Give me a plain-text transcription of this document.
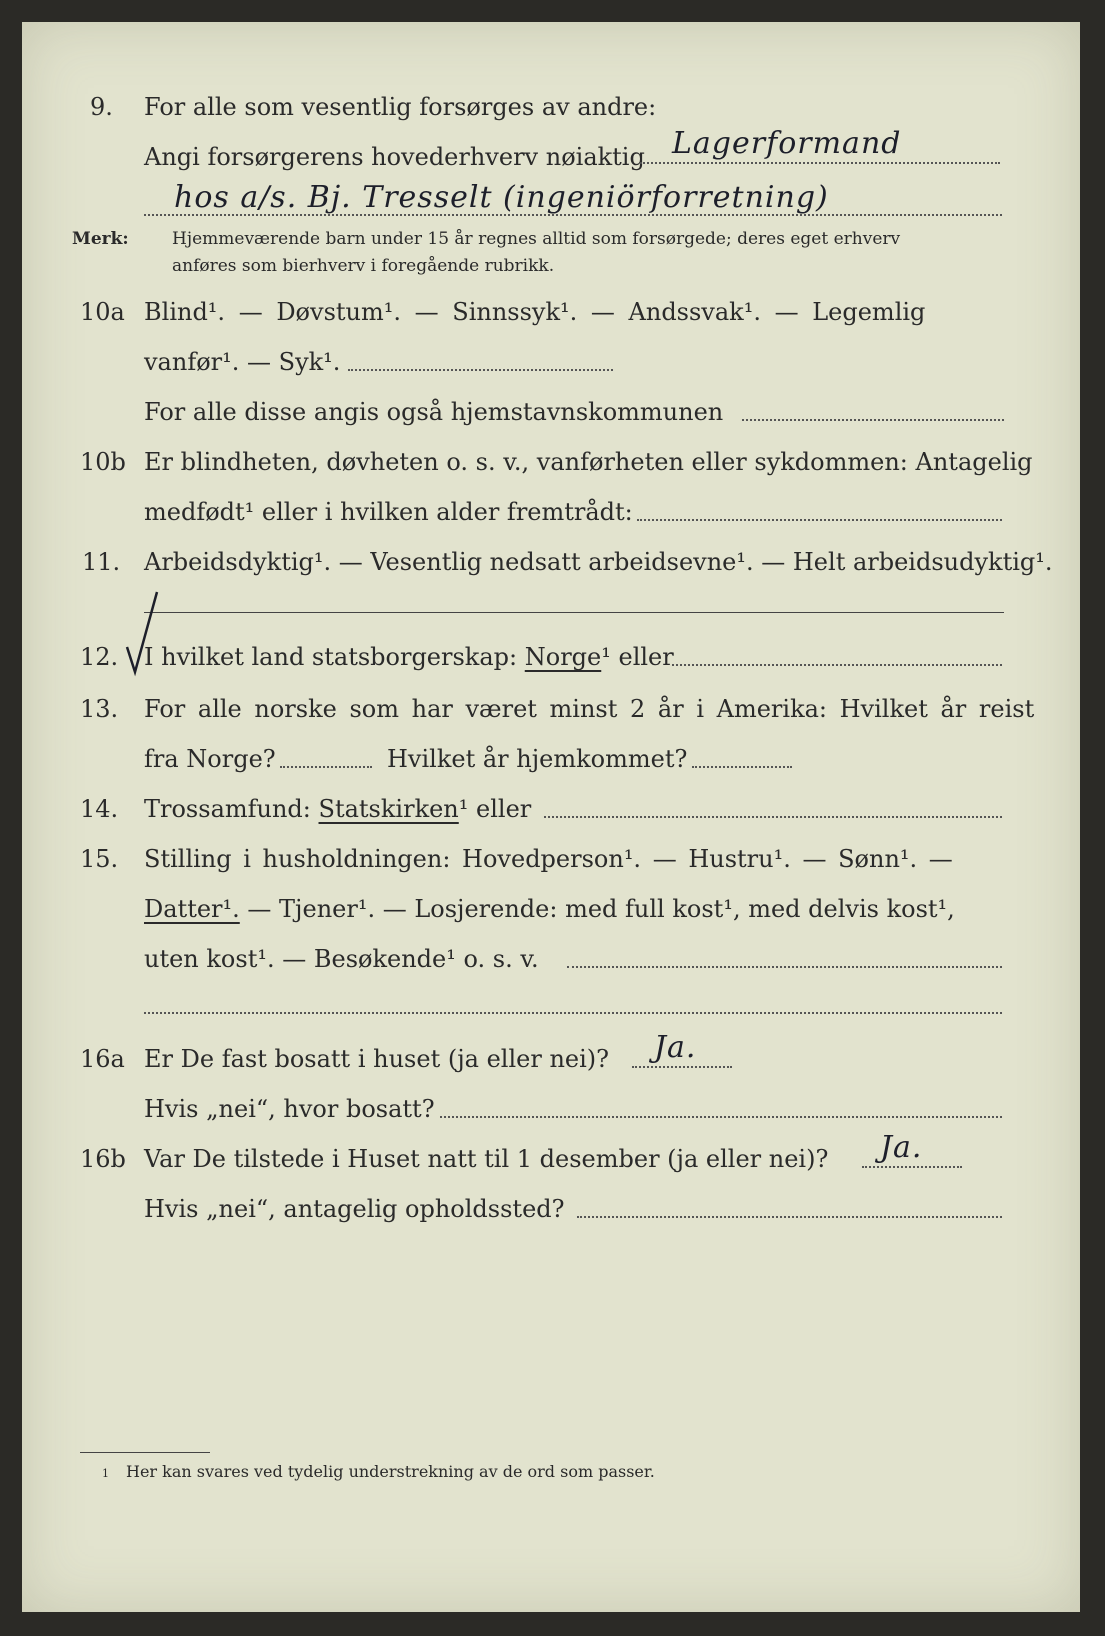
9. For alle som vesentlig forsørges av andre:
Angi forsørgerens hovederhverv nøiaktig Lagerformand
hos a/s. Bj. Tresselt (ingeniörforretning)
Merk:	Hjemmeværende barn under 15 år regnes alltid som forsørgede; deres eget erhverv
anføres som bierhverv i foregående rubrikk.
10a Blind¹. — Døvstum¹. — Sinnssyk¹. — Andssvak¹. — Legemlig
vanfør¹. — Syk¹.
For alle disse angis også hjemstavnskommunen
10b Er blindheten, døvheten o. s. v., vanførheten eller sykdommen: Antagelig
medfødt¹ eller i hvilken alder fremtrådt:
11. Arbeidsdyktig¹. — Vesentlig nedsatt arbeidsevne¹. — Helt arbeidsudyktig¹.
12. I hvilket land statsborgerskap: Norge¹ eller
13. For alle norske som har været minst 2 år i Amerika: Hvilket år reist
fra Norge?	Hvilket år hjemkommet?
14. Trossamfund: Statskirken¹ eller
15. Stilling i husholdningen: Hovedperson¹. — Hustru¹. — Sønn¹. —
Datter¹. — Tjener¹. — Losjerende: med full kost¹, med delvis kost¹,
uten kost¹. — Besøkende¹ o. s. v.
16a Er De fast bosatt i huset (ja eller nei)? Ja.
Hvis „nei“, hvor bosatt?
16b Var De tilstede i Huset natt til 1 desember (ja eller nei)? Ja.
Hvis „nei“, antagelig opholdssted?
1 Her kan svares ved tydelig understrekning av de ord som passer.
